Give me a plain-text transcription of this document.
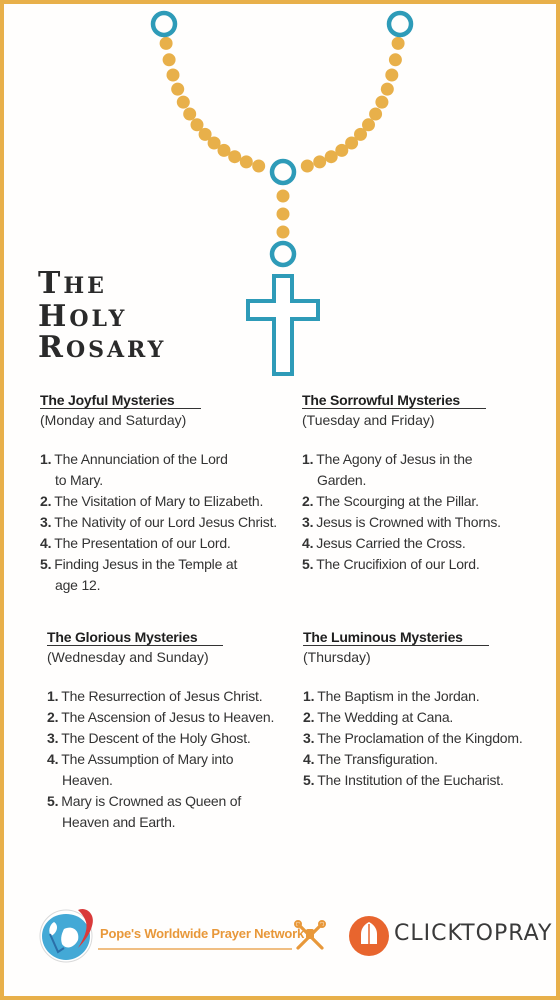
THE
HOLY
ROSARY
The Joyful Mysteries
(Monday and Saturday)
1. The Annunciation of the Lord
to Mary.
2. The Visitation of Mary to Elizabeth.
3. The Nativity of our Lord Jesus Christ.
4. The Presentation of our Lord.
5. Finding Jesus in the Temple at
age 12.
The Sorrowful Mysteries
(Tuesday and Friday)
1. The Agony of Jesus in the
Garden.
2. The Scourging at the Pillar.
3. Jesus is Crowned with Thorns.
4. Jesus Carried the Cross.
5. The Crucifixion of our Lord.
The Glorious Mysteries
(Wednesday and Sunday)
1. The Resurrection of Jesus Christ.
2. The Ascension of Jesus to Heaven.
3. The Descent of the Holy Ghost.
4. The Assumption of Mary into
Heaven.
5. Mary is Crowned as Queen of
Heaven and Earth.
The Luminous Mysteries
(Thursday)
1. The Baptism in the Jordan.
2. The Wedding at Cana.
3. The Proclamation of the Kingdom.
4. The Transfiguration.
5. The Institution of the Eucharist.
Pope's Worldwide Prayer Network	CLICKTOPRAY
